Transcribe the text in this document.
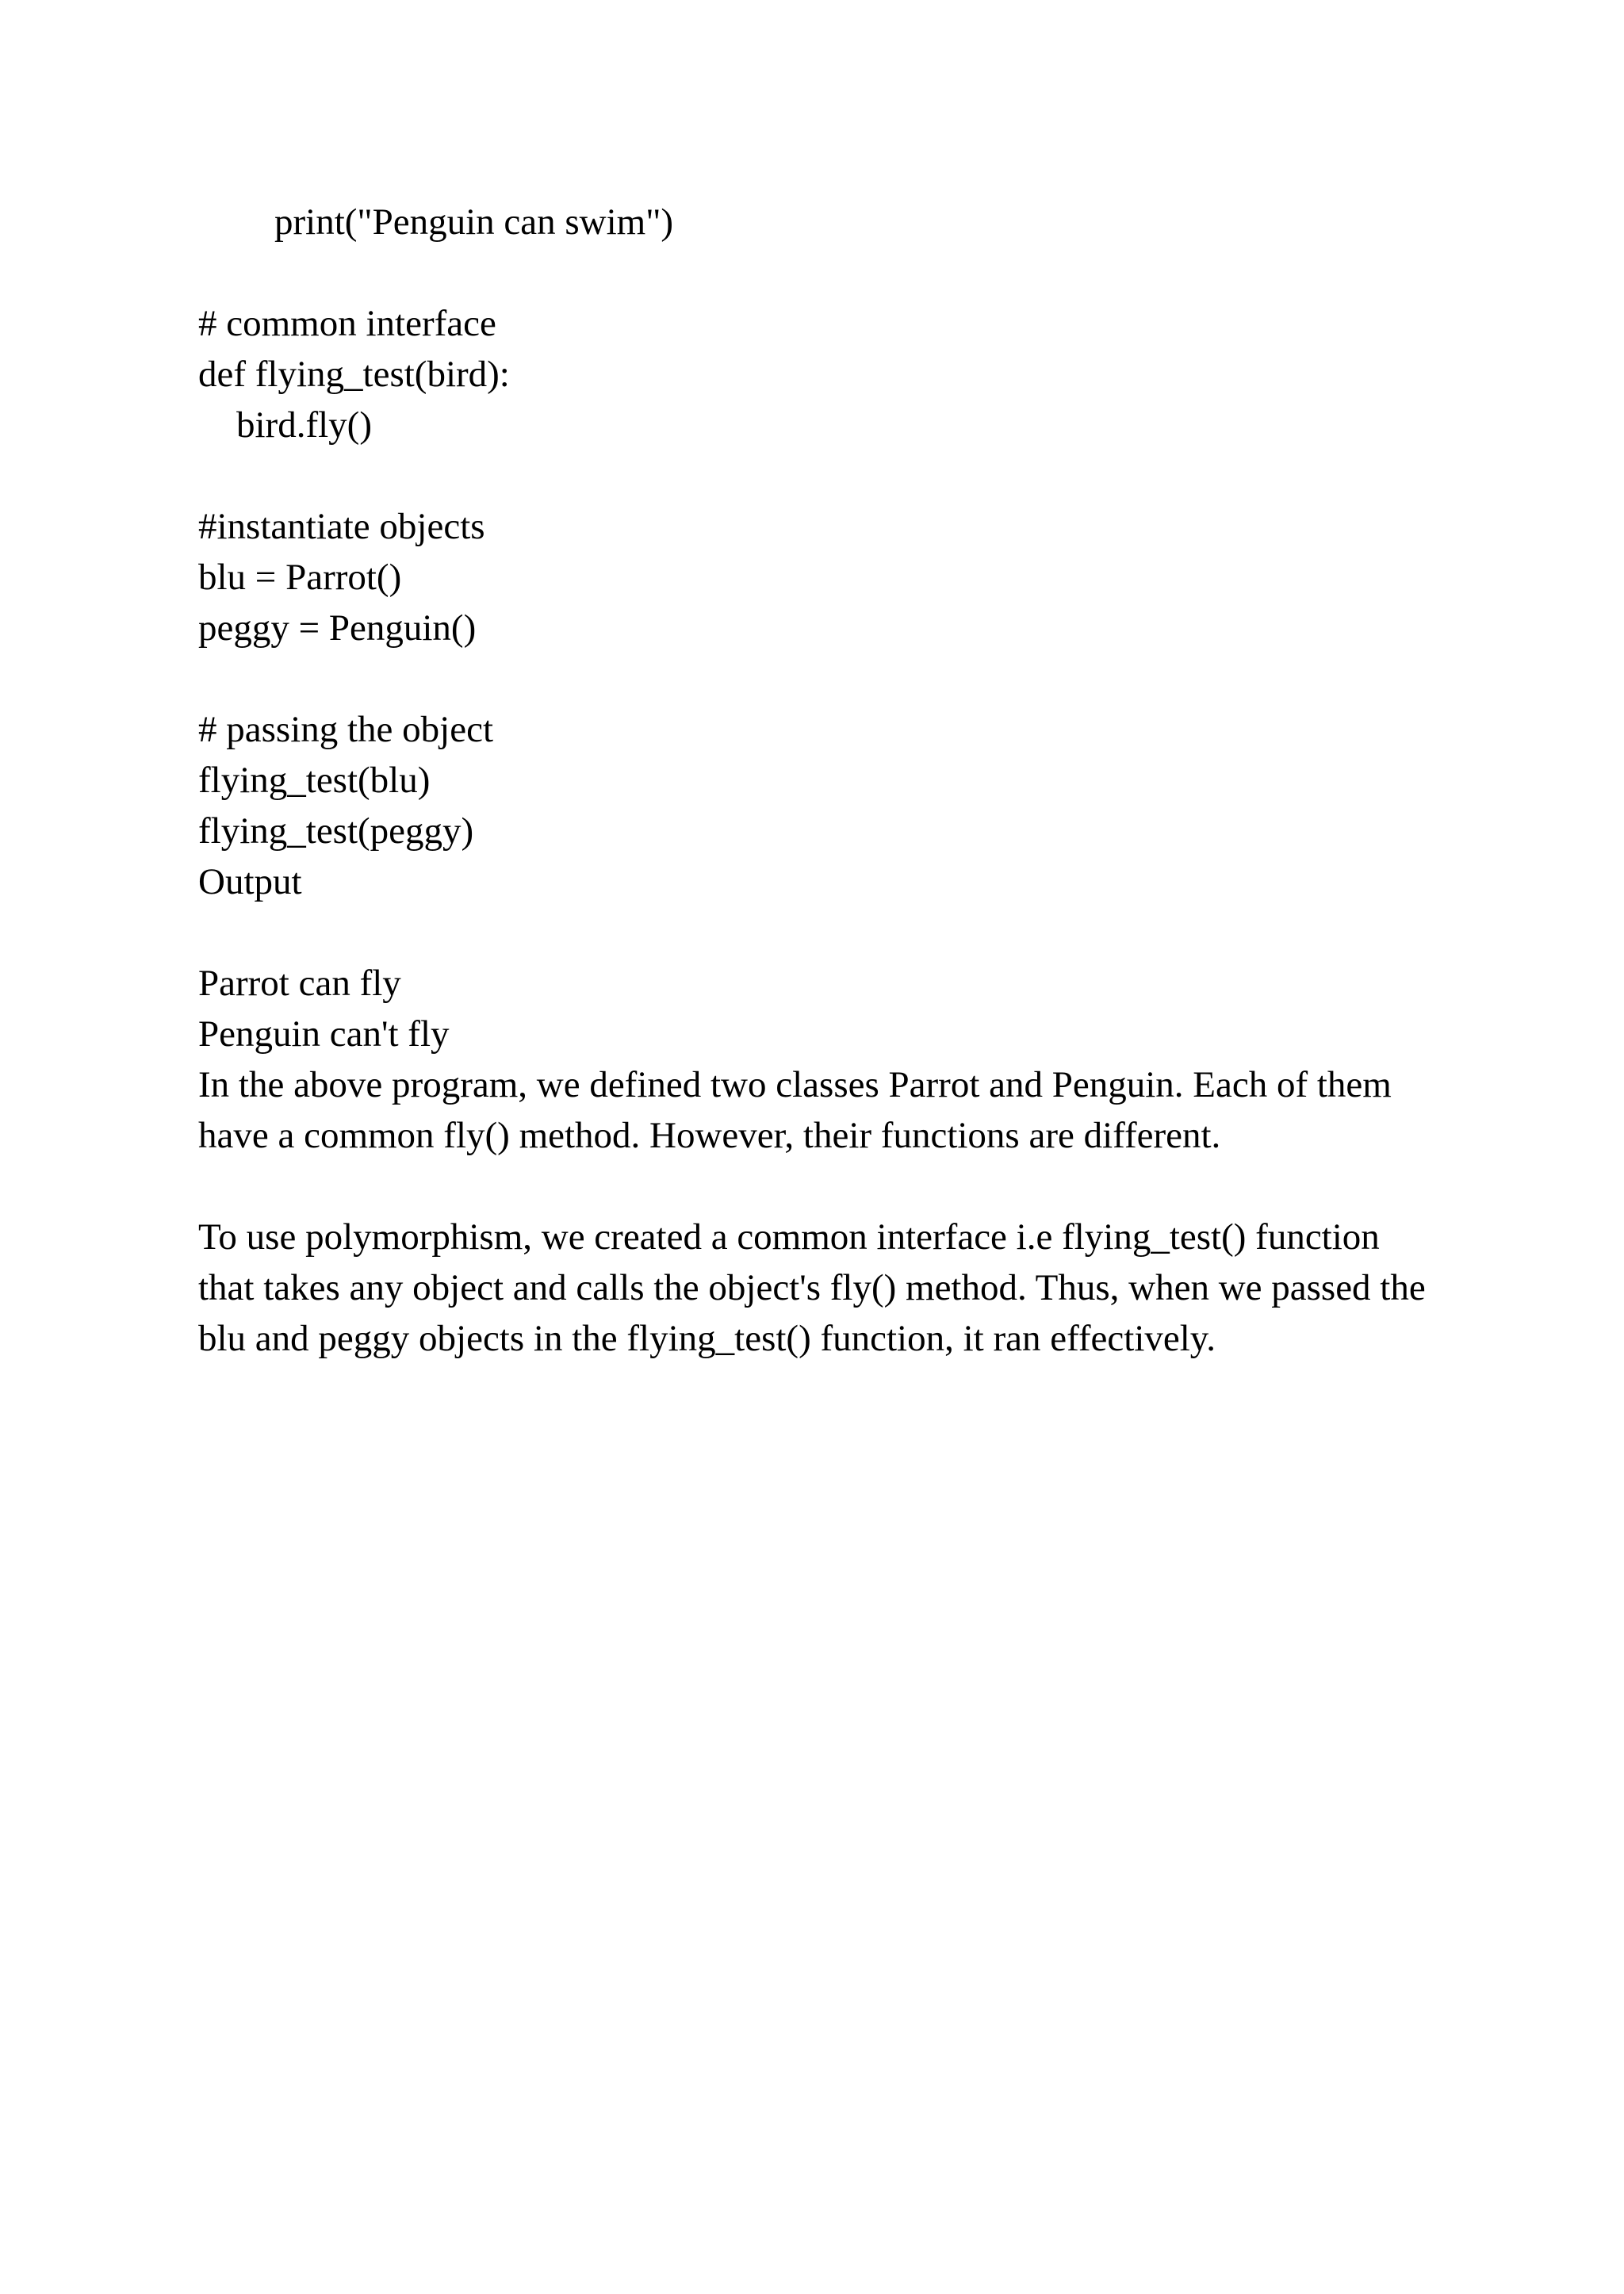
print("Penguin can swim")
# common interface
def flying_test(bird):
bird.fly()
#instantiate objects
blu = Parrot()
peggy = Penguin()
# passing the object
flying_test(blu)
flying_test(peggy)
Output
Parrot can fly
Penguin can't fly

In the above program, we defined two classes Parrot and Penguin. Each of them have a common fly() method. However, their functions are different.

To use polymorphism, we created a common interface i.e flying_test() function that takes any object and calls the object's fly() method. Thus, when we passed the blu and peggy objects in the flying_test() function, it ran effectively.
